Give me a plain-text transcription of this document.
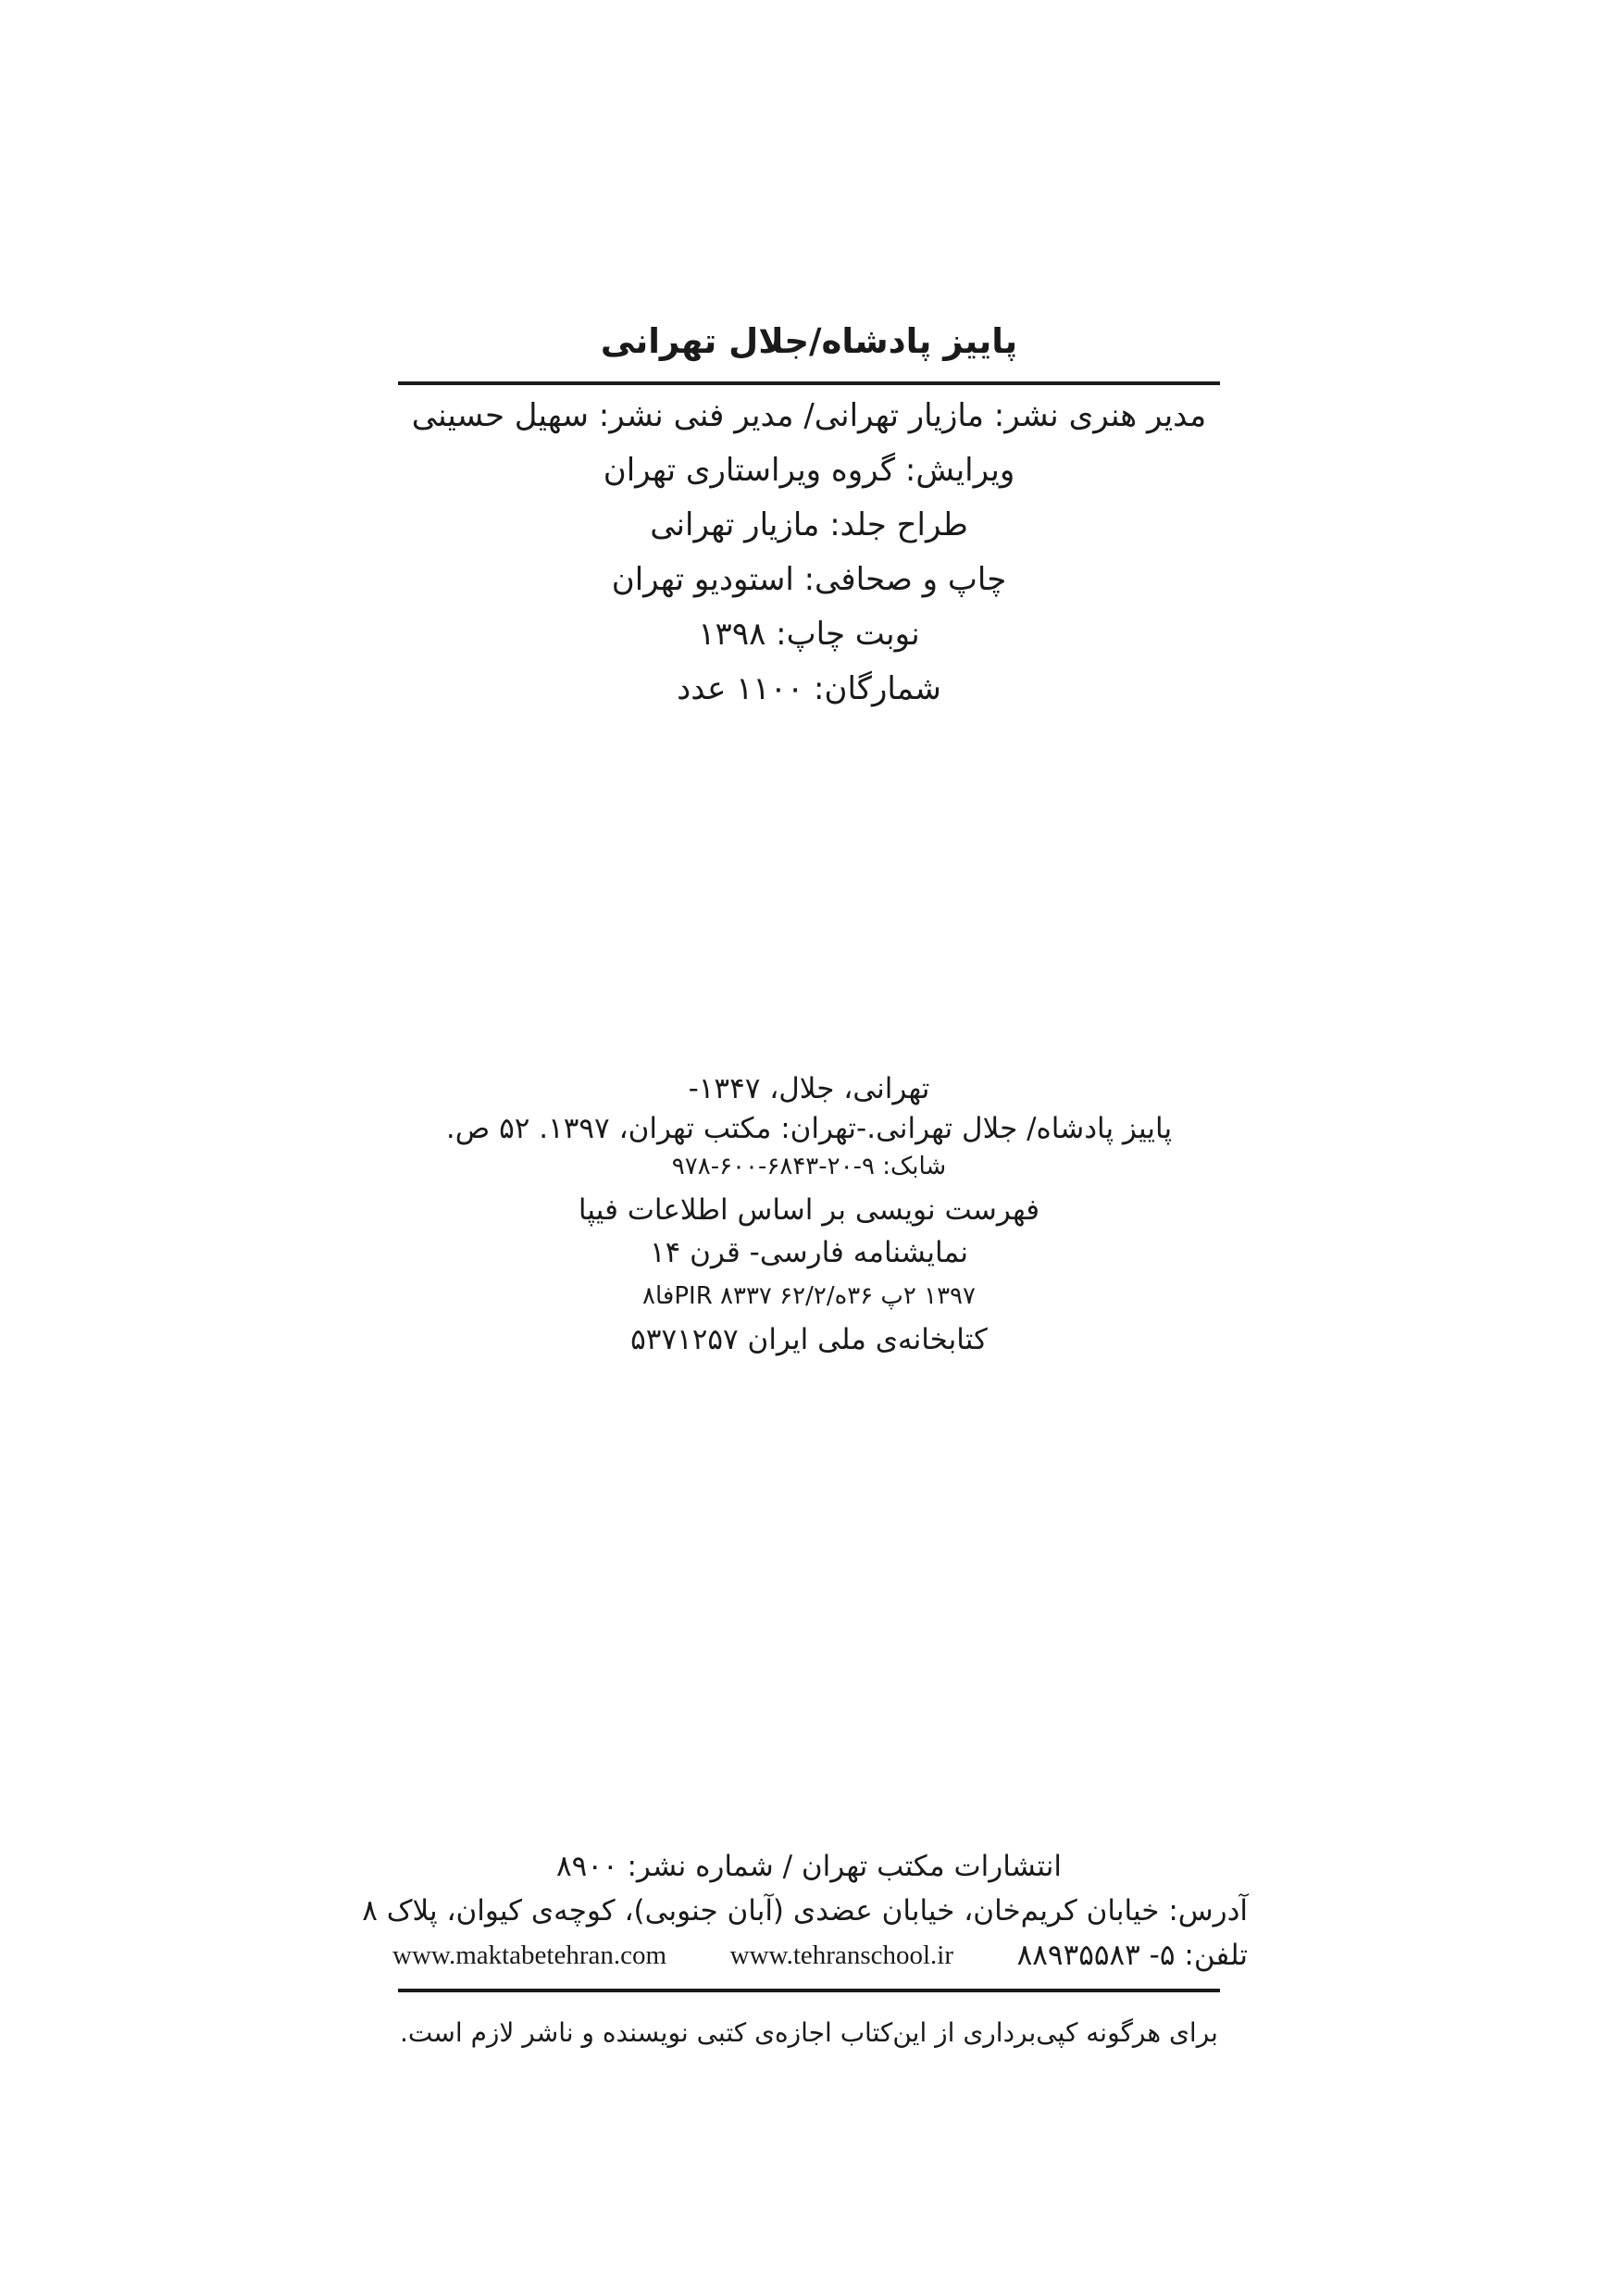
پاییز پادشاه/جلال تهرانی
مدیر هنری نشر: مازیار تهرانی/ مدیر فنی نشر: سهیل حسینی
ویرایش: گروه ویراستاری تهران
طراح جلد: مازیار تهرانی
چاپ و صحافی: استودیو تهران
نوبت چاپ: ۱۳۹۸
شمارگان: ۱۱۰۰ عدد
تهرانی، جلال، ۱۳۴۷-
پاییز پادشاه/ جلال تهرانی.-تهران: مکتب تهران، ۱۳۹۷. ۵۲ ص.
شابک: ۹-۲۰-۶۸۴۳-۶۰۰-۹۷۸
فهرست نویسی بر اساس اطلاعات فیپا
نمایشنامه فارسی- قرن ۱۴
۱۳۹۷ ۲پ ۳۶ه/PIR ۸۳۳۷ ۶۲/۲فا۸
کتابخانه‌ی ملی ایران ۵۳۷۱۲۵۷
انتشارات مکتب تهران / شماره نشر: ۸۹۰۰
آدرس: خیابان کریم‌خان، خیابان عضدی (آبان جنوبی)، کوچه‌ی کیوان، پلاک ۸
www.maktabetehran.com www.tehranschool.ir تلفن: ۵- ۸۸۹۳۵۵۸۳
برای هرگونه کپی‌برداری از این‌کتاب اجازه‌ی کتبی نویسنده و ناشر لازم است.
